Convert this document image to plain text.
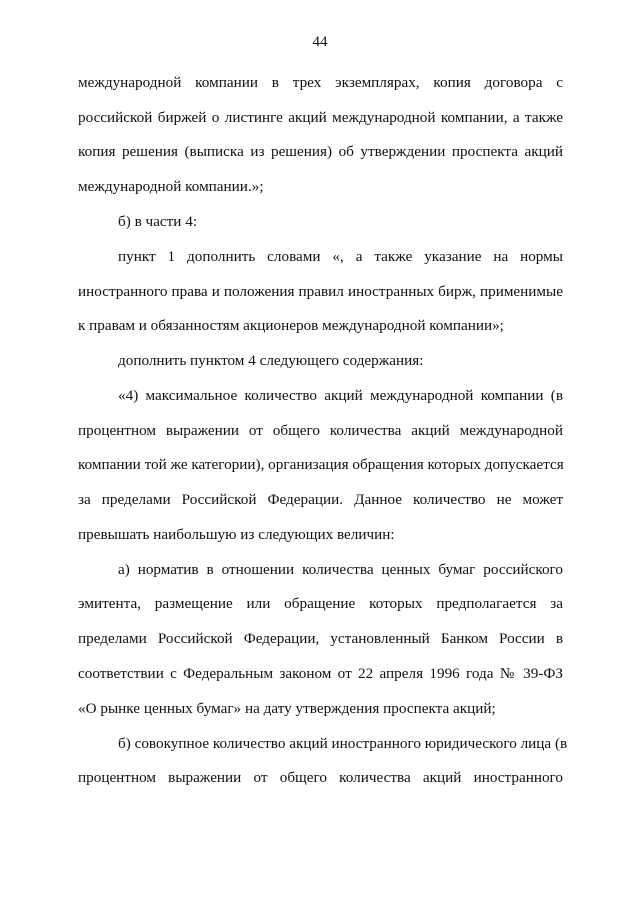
44
международной компании в трех экземплярах, копия договора с
российской биржей о листинге акций международной компании, а также
копия решения (выписка из решения) об утверждении проспекта акций
международной компании.»;
б) в части 4:
пункт 1 дополнить словами «, а также указание на нормы
иностранного права и положения правил иностранных бирж, применимые
к правам и обязанностям акционеров международной компании»;
дополнить пунктом 4 следующего содержания:
«4) максимальное количество акций международной компании (в
процентном выражении от общего количества акций международной
компании той же категории), организация обращения которых допускается
за пределами Российской Федерации. Данное количество не может
превышать наибольшую из следующих величин:
а) норматив в отношении количества ценных бумаг российского
эмитента, размещение или обращение которых предполагается за
пределами Российской Федерации, установленный Банком России в
соответствии с Федеральным законом от 22 апреля 1996 года № 39-ФЗ
«О рынке ценных бумаг» на дату утверждения проспекта акций;
б) совокупное количество акций иностранного юридического лица (в
процентном выражении от общего количества акций иностранного
